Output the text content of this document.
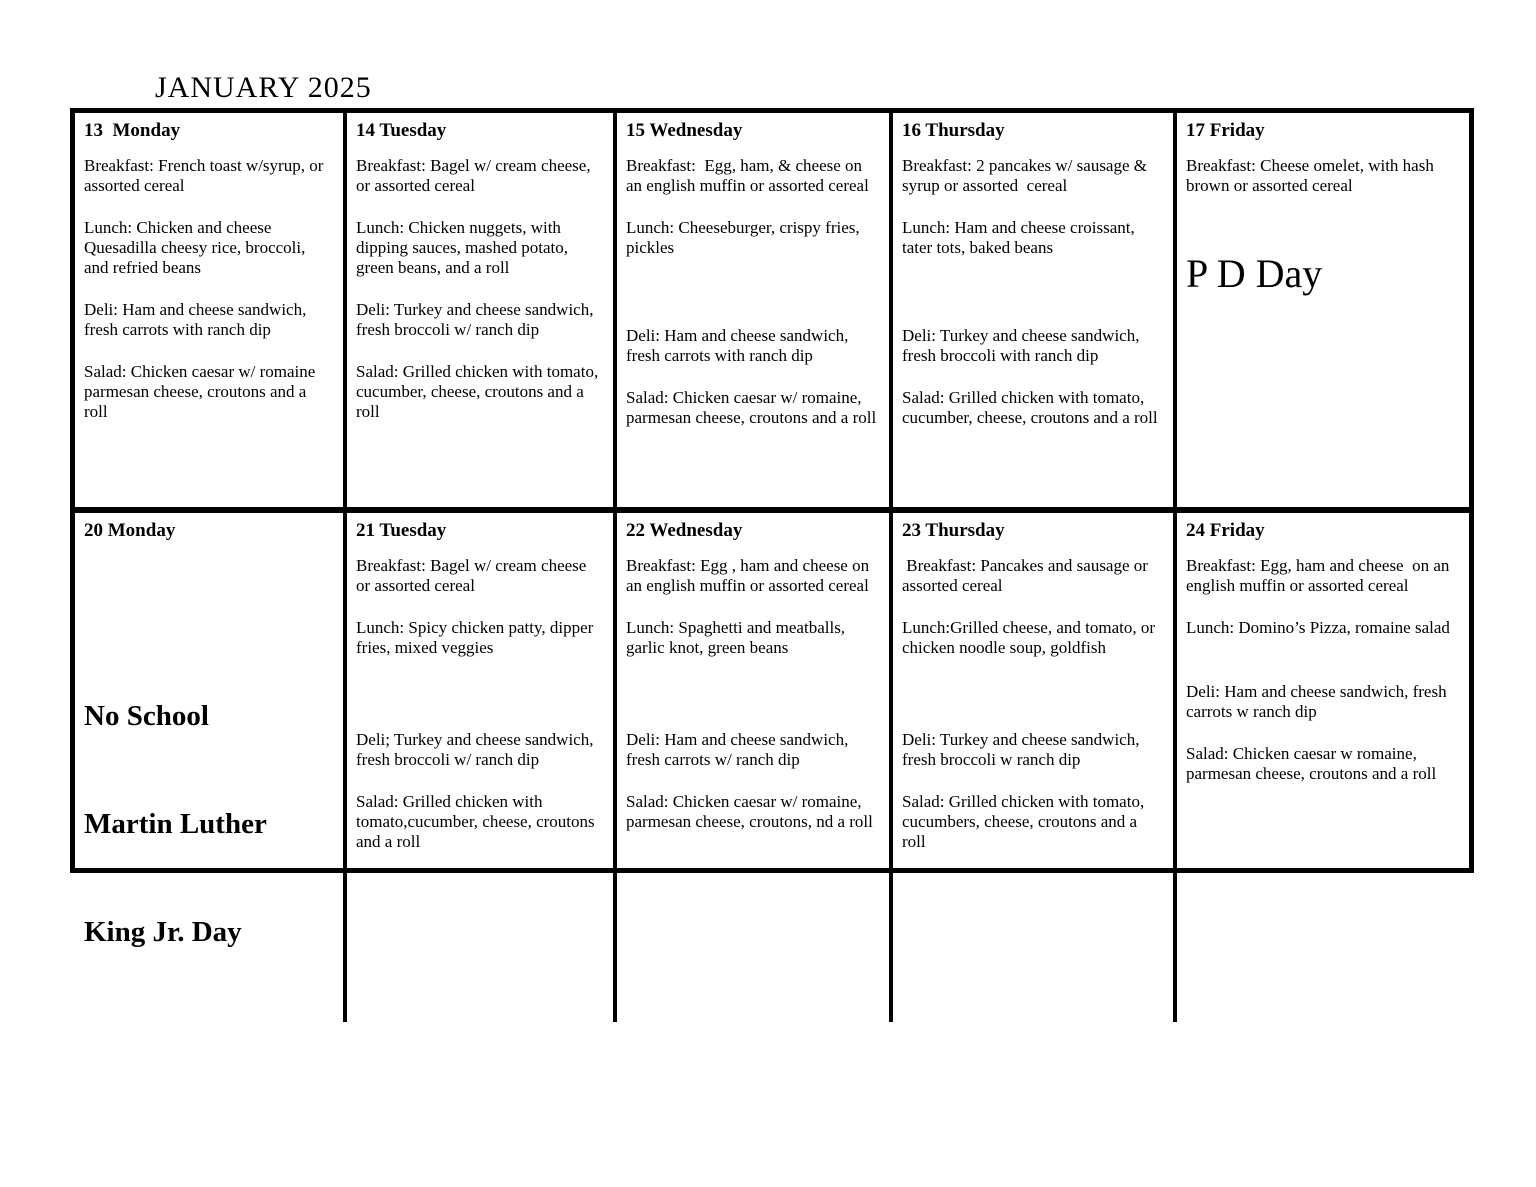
JANUARY 2025
13  Monday
Breakfast: French toast w/syrup, or assorted cereal
Lunch: Chicken and cheese Quesadilla cheesy rice, broccoli, and refried beans
Deli: Ham and cheese sandwich, fresh carrots with ranch dip
Salad: Chicken caesar w/ romaine parmesan cheese, croutons and a roll
14 Tuesday
Breakfast: Bagel w/ cream cheese, or assorted cereal
Lunch: Chicken nuggets, with dipping sauces, mashed potato, green beans, and a roll
Deli: Turkey and cheese sandwich, fresh broccoli w/ ranch dip
Salad: Grilled chicken with tomato, cucumber, cheese, croutons and a roll
15 Wednesday
Breakfast:  Egg, ham, & cheese on an english muffin or assorted cereal
Lunch: Cheeseburger, crispy fries, pickles
Deli: Ham and cheese sandwich, fresh carrots with ranch dip
Salad: Chicken caesar w/ romaine, parmesan cheese, croutons and a roll
16 Thursday
Breakfast: 2 pancakes w/ sausage & syrup or assorted  cereal
Lunch: Ham and cheese croissant, tater tots, baked beans
Deli: Turkey and cheese sandwich, fresh broccoli with ranch dip
Salad: Grilled chicken with tomato, cucumber, cheese, croutons and a roll
17 Friday
Breakfast: Cheese omelet, with hash brown or assorted cereal
P D Day
20 Monday

No School

Martin Luther

King Jr. Day

21 Tuesday
Breakfast: Bagel w/ cream cheese or assorted cereal
Lunch: Spicy chicken patty, dipper fries, mixed veggies
Deli; Turkey and cheese sandwich, fresh broccoli w/ ranch dip
Salad: Grilled chicken with tomato,cucumber, cheese, croutons and a roll
22 Wednesday
Breakfast: Egg , ham and cheese on an english muffin or assorted cereal
Lunch: Spaghetti and meatballs, garlic knot, green beans
Deli: Ham and cheese sandwich, fresh carrots w/ ranch dip
Salad: Chicken caesar w/ romaine, parmesan cheese, croutons, nd a roll
23 Thursday
Breakfast: Pancakes and sausage or assorted cereal
Lunch:Grilled cheese, and tomato, or chicken noodle soup, goldfish
Deli: Turkey and cheese sandwich, fresh broccoli w ranch dip
Salad: Grilled chicken with tomato, cucumbers, cheese, croutons and a roll
24 Friday
Breakfast: Egg, ham and cheese  on an english muffin or assorted cereal
Lunch: Domino’s Pizza, romaine salad
Deli: Ham and cheese sandwich, fresh carrots w ranch dip
Salad: Chicken caesar w romaine, parmesan cheese, croutons and a roll
